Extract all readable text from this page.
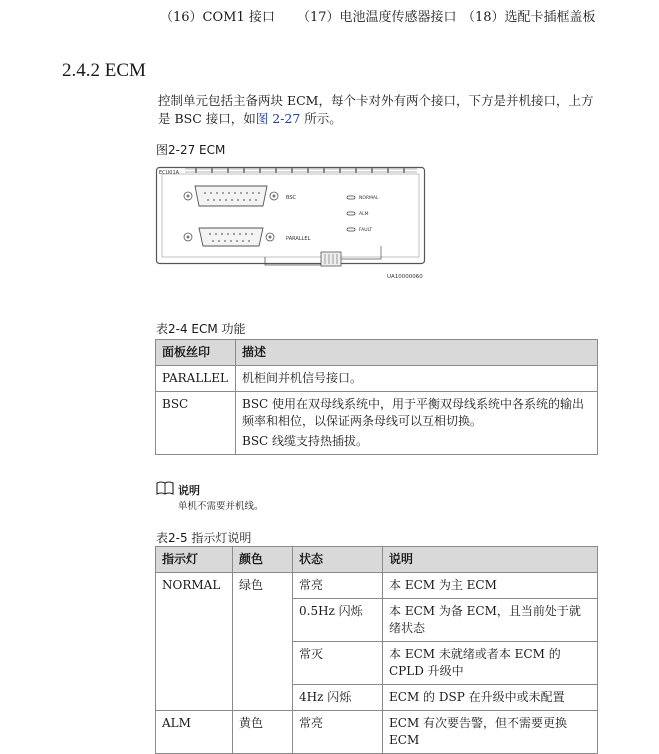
（16）COM1 接口 （17）电池温度传感器接口 （18）选配卡插框盖板
2.4.2 ECM
控制单元包括主备两块 ECM，每个卡对外有两个接口，下方是并机接口，上方是 BSC 接口，如图 2-27 所示。
图2-27 ECM
ECU01A
BSC
PARALLEL
NORMAL
ALM
FAULT
UA10000060
表2-4 ECM 功能
面板丝印	描述
PARALLEL	机柜间并机信号接口。

BSC	BSC 使用在双母线系统中，用于平衡双母线系统中各系统的输出频率和相位，以保证两条母线可以互相切换。

BSC 线缆支持热插拔。

说明
单机不需要并机线。
表2-5 指示灯说明
指示灯	颜色	状态	说明
NORMAL	绿色	常亮	本 ECM 为主 ECM
		0.5Hz 闪烁	本 ECM 为备 ECM，且当前处于就绪状态
		常灭	本 ECM 未就绪或者本 ECM 的 CPLD 升级中
		4Hz 闪烁	ECM 的 DSP 在升级中或未配置
ALM	黄色	常亮	ECM 有次要告警，但不需要更换 ECM
